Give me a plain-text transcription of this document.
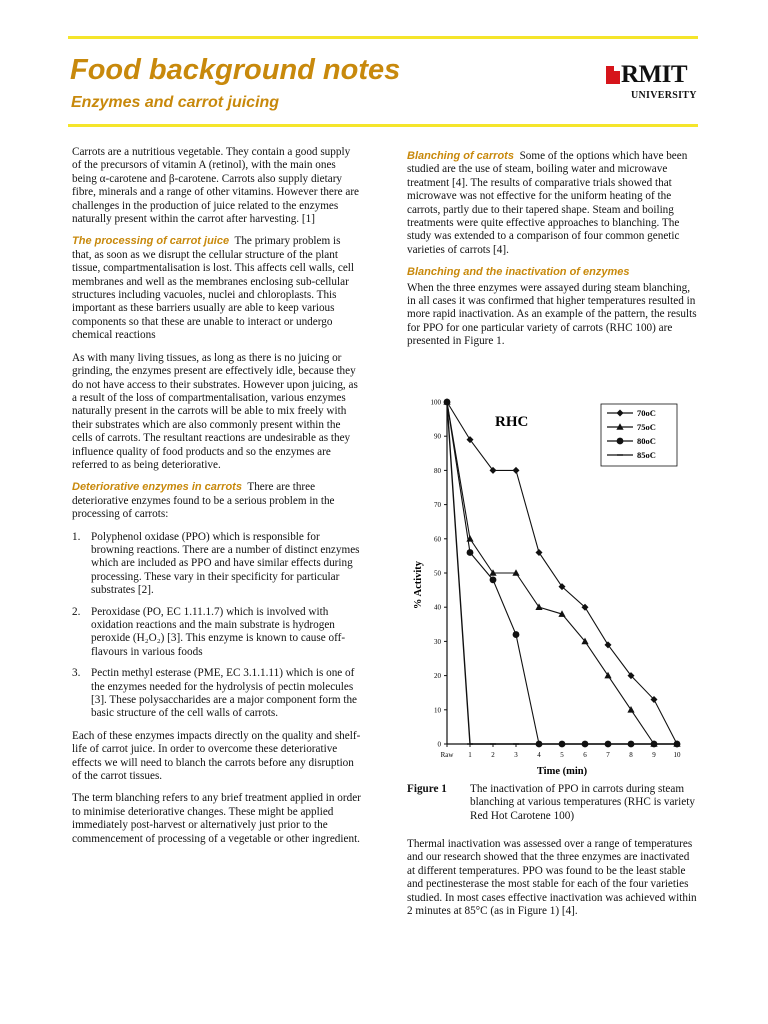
Food background notes
Enzymes and carrot juicing
RMIT
UNIVERSITY

Carrots are a nutritious vegetable. They contain a good supply of the precursors of vitamin A (retinol), with the main ones being α-carotene and β-carotene. Carrots also supply dietary fibre, minerals and a range of other vitamins. However there are challenges in the production of juice related to the enzymes naturally present within the carrot after harvesting. [1]

The processing of carrot juice The primary problem is that, as soon as we disrupt the cellular structure of the plant tissue, compartmentalisation is lost. This affects cell walls, cell membranes and well as the membranes enclosing sub-cellular structures including vacuoles, nuclei and chloroplasts. This important as these barriers usually are able to keep various components so that these are unable to interact or undergo chemical reactions

As with many living tissues, as long as there is no juicing or grinding, the enzymes present are effectively idle, because they do not have access to their substrates. However upon juicing, as a result of the loss of compartmentalisation, various enzymes naturally present in the carrots will be able to mix freely with their substrates which are also commonly present within the cells of carrots. The resultant reactions are undesirable as they influence quality of food products and so the enzymes are referred to as being deteriorative.

Deteriorative enzymes in carrots There are three deteriorative enzymes found to be a serious problem in the processing of carrots:

1. Polyphenol oxidase (PPO) which is responsible for browning reactions. There are a number of distinct enzymes which are included as PPO and have similar effects during processing. These vary in their specificity for particular substrates [2].
2. Peroxidase (PO, EC 1.11.1.7) which is involved with oxidation reactions and the main substrate is hydrogen peroxide (H₂O₂) [3]. This enzyme is known to cause off-flavours in various foods
3. Pectin methyl esterase (PME, EC 3.1.1.11) which is one of the enzymes needed for the hydrolysis of pectin molecules [3]. These polysaccharides are a major component form the basic structure of the cell walls of carrots.

Each of these enzymes impacts directly on the quality and shelf-life of carrot juice. In order to overcome these deteriorative effects we will need to blanch the carrots before any disruption of the carrot tissues.

The term blanching refers to any brief treatment applied in order to minimise deteriorative changes. These might be applied immediately post-harvest or alternatively just prior to the commencement of processing of a vegetable or other ingredient.

Blanching of carrots Some of the options which have been studied are the use of steam, boiling water and microwave treatment [4]. The results of comparative trials showed that microwave was not effective for the uniform heating of the carrots, partly due to their tapered shape. Steam and boiling treatments were quite effective approaches to blanching. The study was extended to a comparison of four common genetic varieties of carrots [4].

Blanching and the inactivation of enzymes

When the three enzymes were assayed during steam blanching, in all cases it was confirmed that higher temperatures resulted in more rapid inactivation. As an example of the pattern, the results for PPO for one particular variety of carrots (RHC 100) are presented in Figure 1.

0
10
20
30
40
50
60
70
80
90
100
Raw 1	2	3	4	5	6	7	8	9	10
Time (min)
% Activity
RHC
70oC
75oC
80oC
85oC
Figure 1 The inactivation of PPO in carrots during steam blanching at various temperatures (RHC is variety Red Hot Carotene 100)

Thermal inactivation was assessed over a range of temperatures and our research showed that the three enzymes are inactivated at different temperatures. PPO was found to be the least stable and pectinesterase the most stable for each of the four varieties studied. In most cases effective inactivation was achieved within 2 minutes at 85°C (as in Figure 1) [4].
